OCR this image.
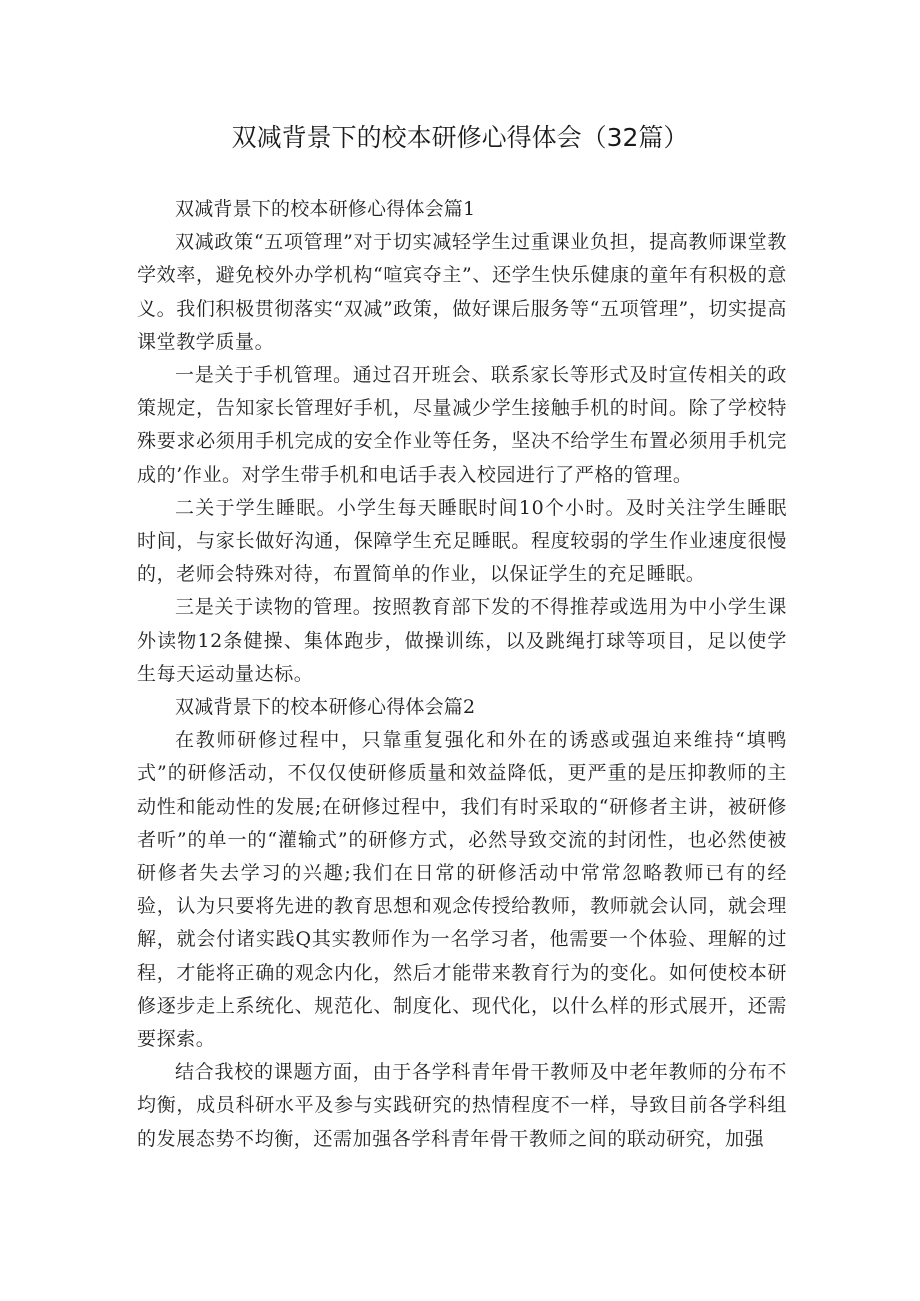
双减背景下的校本研修心得体会（32篇）

双减背景下的校本研修心得体会篇1

双减政策“五项管理”对于切实减轻学生过重课业负担，提高教师课堂教学效率，避免校外办学机构“喧宾夺主”、还学生快乐健康的童年有积极的意义。我们积极贯彻落实“双减”政策，做好课后服务等“五项管理”，切实提高课堂教学质量。

一是关于手机管理。通过召开班会、联系家长等形式及时宣传相关的政策规定，告知家长管理好手机，尽量减少学生接触手机的时间。除了学校特殊要求必须用手机完成的安全作业等任务，坚决不给学生布置必须用手机完成的’作业。对学生带手机和电话手表入校园进行了严格的管理。

二关于学生睡眠。小学生每天睡眠时间10个小时。及时关注学生睡眠时间，与家长做好沟通，保障学生充足睡眠。程度较弱的学生作业速度很慢的，老师会特殊对待，布置简单的作业，以保证学生的充足睡眠。

三是关于读物的管理。按照教育部下发的不得推荐或选用为中小学生课外读物12条健操、集体跑步，做操训练，以及跳绳打球等项目，足以使学生每天运动量达标。

双减背景下的校本研修心得体会篇2

在教师研修过程中，只靠重复强化和外在的诱惑或强迫来维持“填鸭式”的研修活动，不仅仅使研修质量和效益降低，更严重的是压抑教师的主动性和能动性的发展;在研修过程中，我们有时采取的“研修者主讲，被研修者听”的单一的“灌输式”的研修方式，必然导致交流的封闭性，也必然使被研修者失去学习的兴趣;我们在日常的研修活动中常常忽略教师已有的经验，认为只要将先进的教育思想和观念传授给教师，教师就会认同，就会理解，就会付诸实践Q其实教师作为一名学习者，他需要一个体验、理解的过程，才能将正确的观念内化，然后才能带来教育行为的变化。如何使校本研修逐步走上系统化、规范化、制度化、现代化，以什么样的形式展开，还需要探索。

结合我校的课题方面，由于各学科青年骨干教师及中老年教师的分布不均衡，成员科研水平及参与实践研究的热情程度不一样，导致目前各学科组的发展态势不均衡，还需加强各学科青年骨干教师之间的联动研究，加强
